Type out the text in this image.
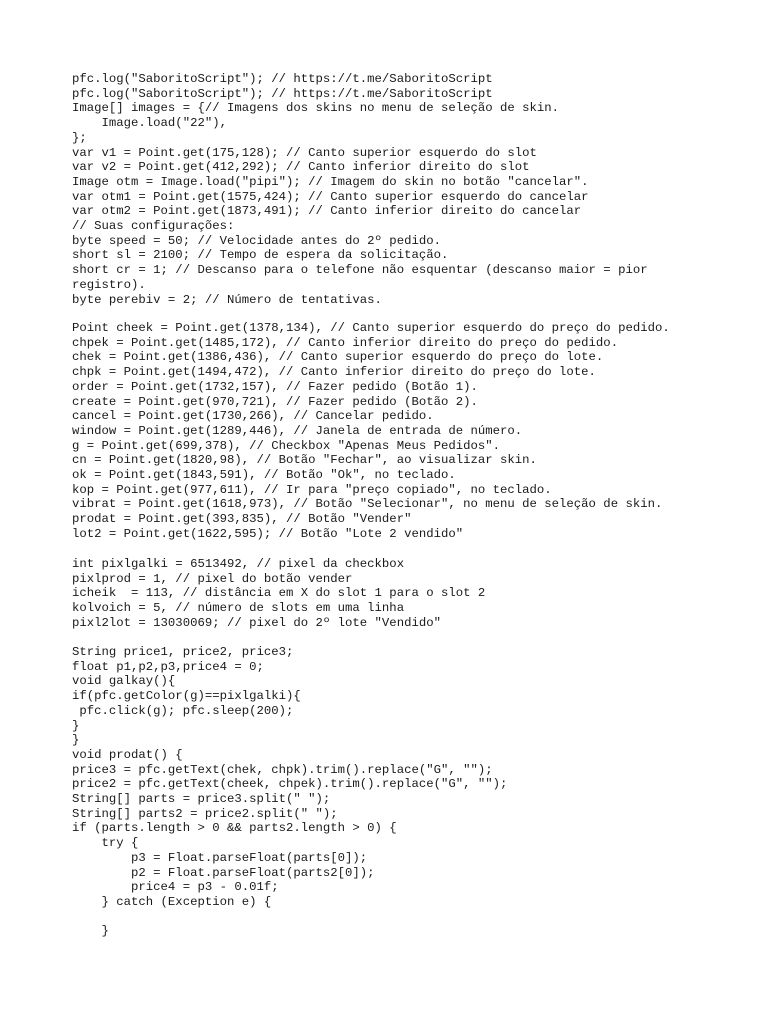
pfc.log("SaboritoScript"); // https://t.me/SaboritoScript
pfc.log("SaboritoScript"); // https://t.me/SaboritoScript
Image[] images = {// Imagens dos skins no menu de seleção de skin.
Image.load("22"),
};
var v1 = Point.get(175,128); // Canto superior esquerdo do slot
var v2 = Point.get(412,292); // Canto inferior direito do slot
Image otm = Image.load("pipi"); // Imagem do skin no botão "cancelar".
var otm1 = Point.get(1575,424); // Canto superior esquerdo do cancelar
var otm2 = Point.get(1873,491); // Canto inferior direito do cancelar
// Suas configurações:
byte speed = 50; // Velocidade antes do 2º pedido.
short sl = 2100; // Tempo de espera da solicitação.
short cr = 1; // Descanso para o telefone não esquentar (descanso maior = pior
registro).
byte perebiv = 2; // Número de tentativas.
Point cheek = Point.get(1378,134), // Canto superior esquerdo do preço do pedido.
chpek = Point.get(1485,172), // Canto inferior direito do preço do pedido.
chek = Point.get(1386,436), // Canto superior esquerdo do preço do lote.
chpk = Point.get(1494,472), // Canto inferior direito do preço do lote.
order = Point.get(1732,157), // Fazer pedido (Botão 1).
create = Point.get(970,721), // Fazer pedido (Botão 2).
cancel = Point.get(1730,266), // Cancelar pedido.
window = Point.get(1289,446), // Janela de entrada de número.
g = Point.get(699,378), // Checkbox "Apenas Meus Pedidos".
cn = Point.get(1820,98), // Botão "Fechar", ao visualizar skin.
ok = Point.get(1843,591), // Botão "Ok", no teclado.
kop = Point.get(977,611), // Ir para "preço copiado", no teclado.
vibrat = Point.get(1618,973), // Botão "Selecionar", no menu de seleção de skin.
prodat = Point.get(393,835), // Botão "Vender"
lot2 = Point.get(1622,595); // Botão "Lote 2 vendido"
int pixlgalki = 6513492, // pixel da checkbox
pixlprod = 1, // pixel do botão vender
icheik  = 113, // distância em X do slot 1 para o slot 2
kolvoich = 5, // número de slots em uma linha
pixl2lot = 13030069; // pixel do 2º lote "Vendido"
String price1, price2, price3;
float p1,p2,p3,price4 = 0;
void galkay(){
if(pfc.getColor(g)==pixlgalki){
pfc.click(g); pfc.sleep(200);
}
}
void prodat() {
price3 = pfc.getText(chek, chpk).trim().replace("G", "");
price2 = pfc.getText(cheek, chpek).trim().replace("G", "");
String[] parts = price3.split(" ");
String[] parts2 = price2.split(" ");
if (parts.length > 0 && parts2.length > 0) {
try {
p3 = Float.parseFloat(parts[0]);
p2 = Float.parseFloat(parts2[0]);
price4 = p3 - 0.01f;
} catch (Exception e) {

}
